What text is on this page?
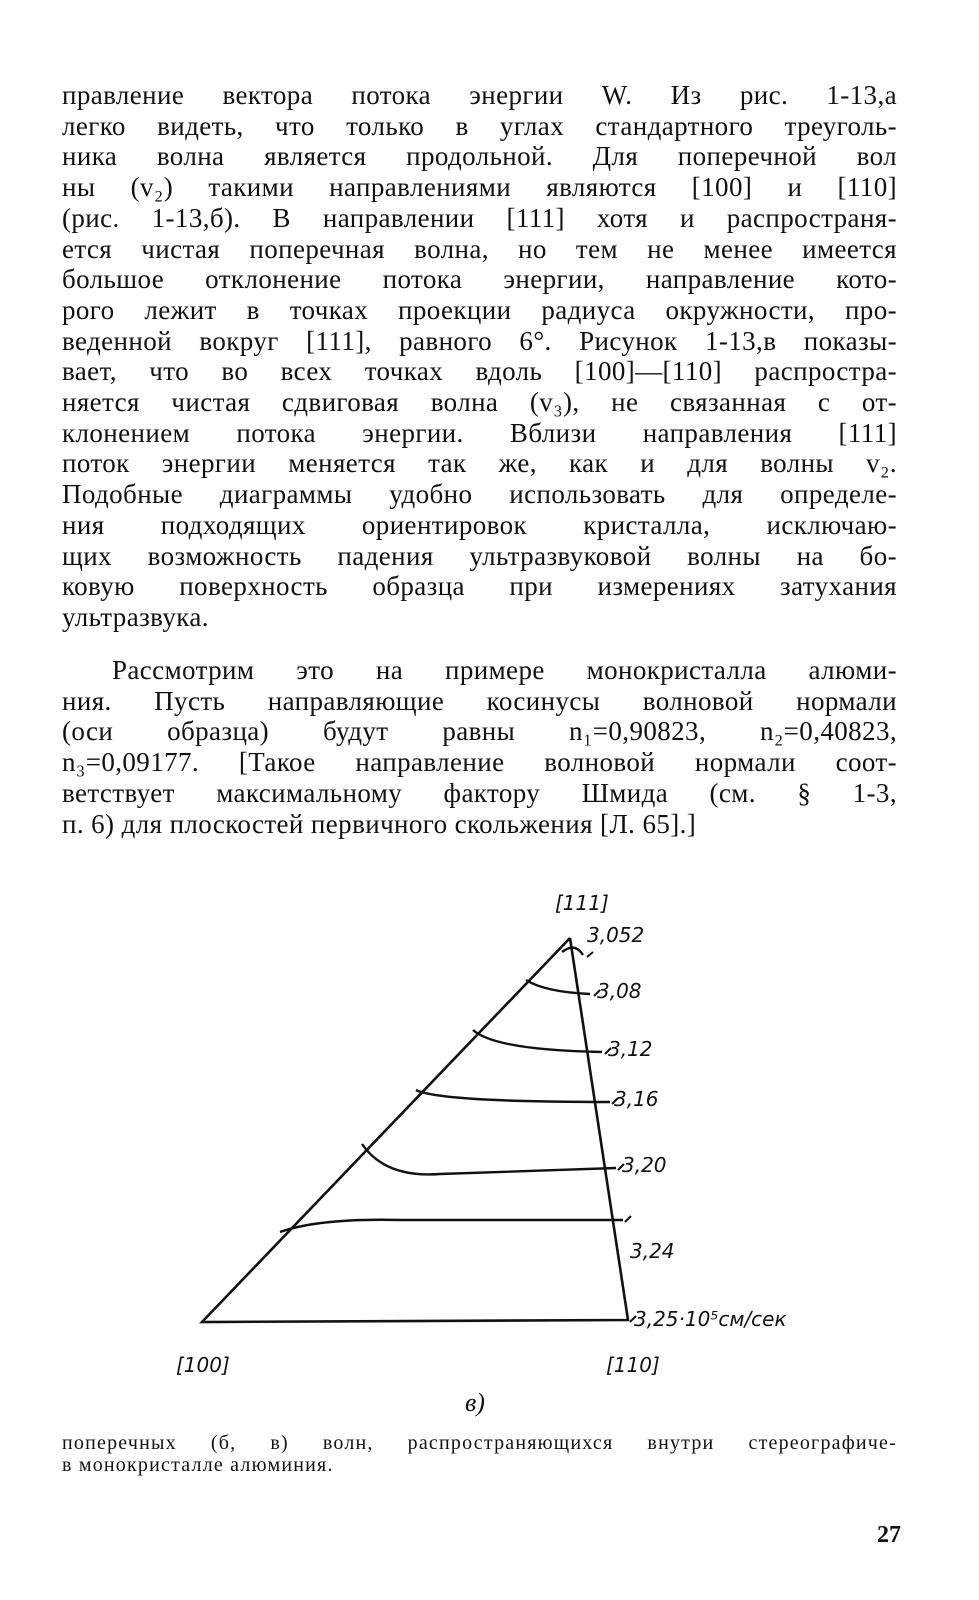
правление вектора потока энергии W. Из рис. 1-13,а
легко видеть, что только в углах стандартного треуголь-
ника волна является продольной. Для поперечной вол
ны (v₂) такими направлениями являются [100] и [110]
(рис. 1-13,б). В направлении [111] хотя и распространя-
ется чистая поперечная волна, но тем не менее имеется
большое отклонение потока энергии, направление кото-
рого лежит в точках проекции радиуса окружности, про-
веденной вокруг [111], равного 6°. Рисунок 1-13,в показы-
вает, что во всех точках вдоль [100]—[110] распростра-
няется чистая сдвиговая волна (v₃), не связанная с от-
клонением потока энергии. Вблизи направления [111]
поток энергии меняется так же, как и для волны v₂.
Подобные диаграммы удобно использовать для определе-
ния подходящих ориентировок кристалла, исключаю-
щих возможность падения ультразвуковой волны на бо-
ковую поверхность образца при измерениях затухания
ультразвука.
Рассмотрим это на примере монокристалла алюми-
ния. Пусть направляющие косинусы волновой нормали
(оси образца) будут равны n₁=0,90823, n₂=0,40823,
n₃=0,09177. [Такое направление волновой нормали соот-
ветствует максимальному фактору Шмида (см. § 1-3,
п. 6) для плоскостей первичного скольжения [Л. 65].]
[111]
3,052
3,08
3,12
3,16
3,20
3,24
3,25·10⁵см/сек
[100]	[110]
в)
поперечных (б, в) волн, распространяющихся внутри стереографиче-
в монокристалле алюминия.
27
